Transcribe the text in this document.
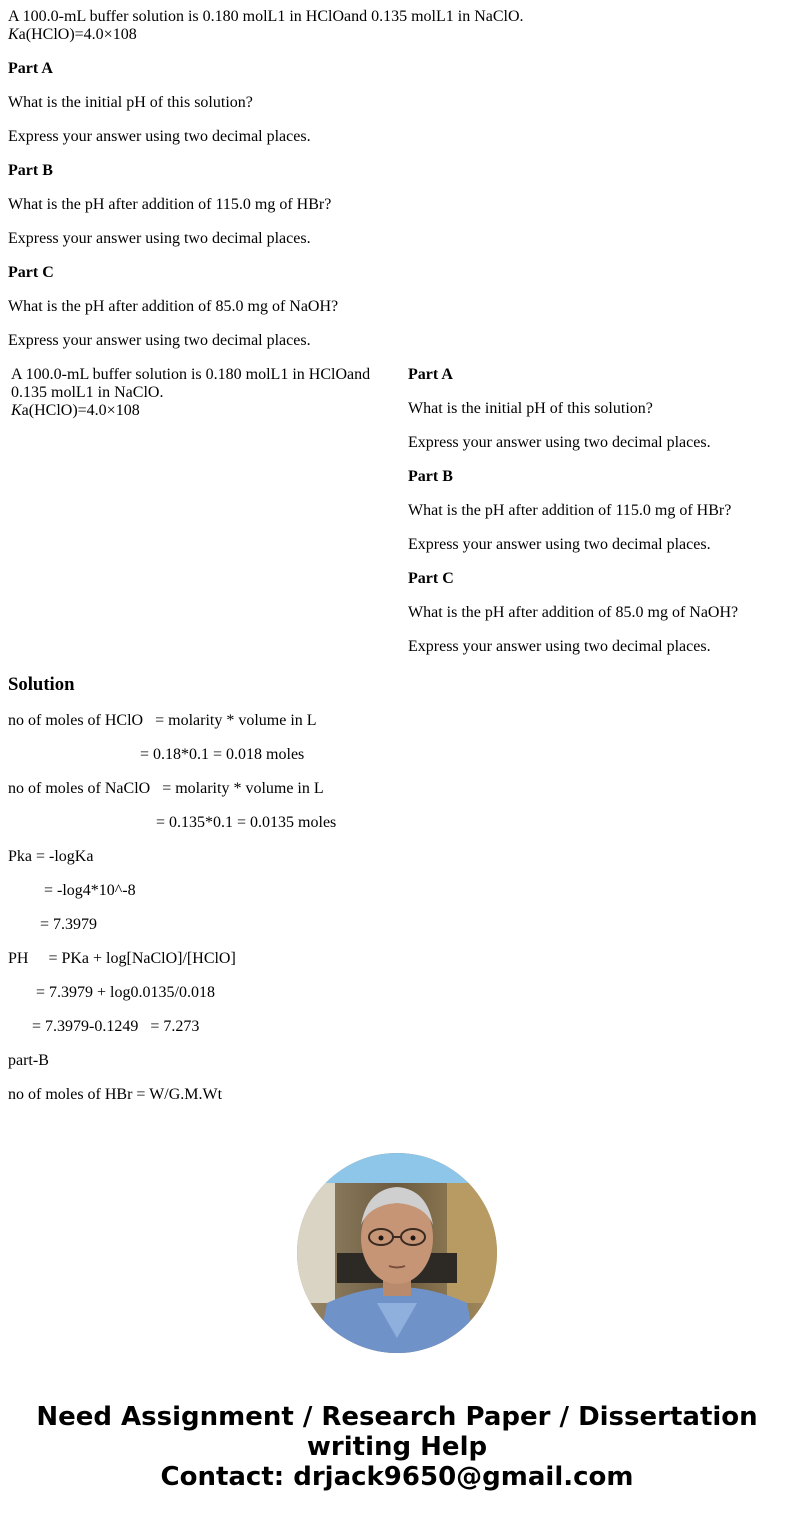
A 100.0-mL buffer solution is 0.180 molL1 in HClOand 0.135 molL1 in NaClO.
Ka(HClO)=4.0×108

Part A

What is the initial pH of this solution?

Express your answer using two decimal places.

Part B

What is the pH after addition of 115.0 mg of HBr?

Express your answer using two decimal places.

Part C

What is the pH after addition of 85.0 mg of NaOH?

Express your answer using two decimal places.

A 100.0-mL buffer solution is 0.180 molL1 in HClOand 0.135 molL1 in NaClO.
Ka(HClO)=4.0×108

Part A

What is the initial pH of this solution?

Express your answer using two decimal places.

Part B

What is the pH after addition of 115.0 mg of HBr?

Express your answer using two decimal places.

Part C

What is the pH after addition of 85.0 mg of NaOH?

Express your answer using two decimal places.

Solution

no of moles of HClO   = molarity * volume in L

= 0.18*0.1 = 0.018 moles

no of moles of NaClO   = molarity * volume in L

= 0.135*0.1 = 0.0135 moles

Pka = -logKa

= -log4*10^-8

= 7.3979

PH     = PKa + log[NaClO]/[HClO]

= 7.3979 + log0.0135/0.018

= 7.3979-0.1249   = 7.273

part-B

no of moles of HBr = W/G.M.Wt

Need Assignment / Research Paper / Dissertation
writing Help
Contact: drjack9650@gmail.com
